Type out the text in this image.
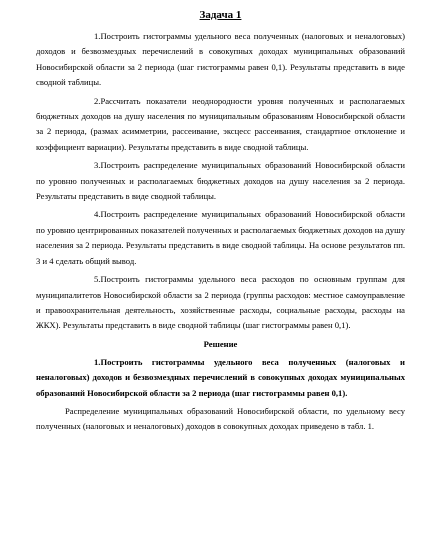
Задача 1

1.Построить гистограммы удельного веса полученных (налоговых и неналоговых) доходов и безвозмездных перечислений в совокупных доходах муниципальных образований Новосибирской области за 2 периода (шаг гистограммы равен 0,1). Результаты представить в виде сводной таблицы.

2.Рассчитать показатели неоднородности уровня полученных и располагаемых бюджетных доходов на душу населения по муниципальным образованиям Новосибирской области за 2 периода, (размах асимметрии, рассеивание, эксцесс рассеивания, стандартное отклонение и коэффициент вариации). Результаты представить в виде сводной таблицы.

3.Построить распределение муниципальных образований Новосибирской области по уровню полученных и располагаемых бюджетных доходов на душу населения за 2 периода. Результаты представить в виде сводной таблицы.

4.Построить распределение муниципальных образований Новосибирской области по уровню центрированных показателей полученных и располагаемых бюджетных доходов на душу населения за 2 периода. Результаты представить в виде сводной таблицы. На основе результатов пп. 3 и 4 сделать общий вывод.

5.Построить гистограммы удельного веса расходов по основным группам для муниципалитетов Новосибирской области за 2 периода (группы расходов: местное самоуправление и правоохранительная деятельность, хозяйственные расходы, социальные расходы, расходы на ЖКХ). Результаты представить в виде сводной таблицы (шаг гистограммы равен 0,1).

Решение

1.Построить гистограммы удельного веса полученных (налоговых и неналоговых) доходов и безвозмездных перечислений в совокупных доходах муниципальных образований Новосибирской области за 2 периода (шаг гистограммы равен 0,1).

Распределение муниципальных образований Новосибирской области, по удельному весу полученных (налоговых и неналоговых) доходов в совокупных доходах приведено в табл. 1.
